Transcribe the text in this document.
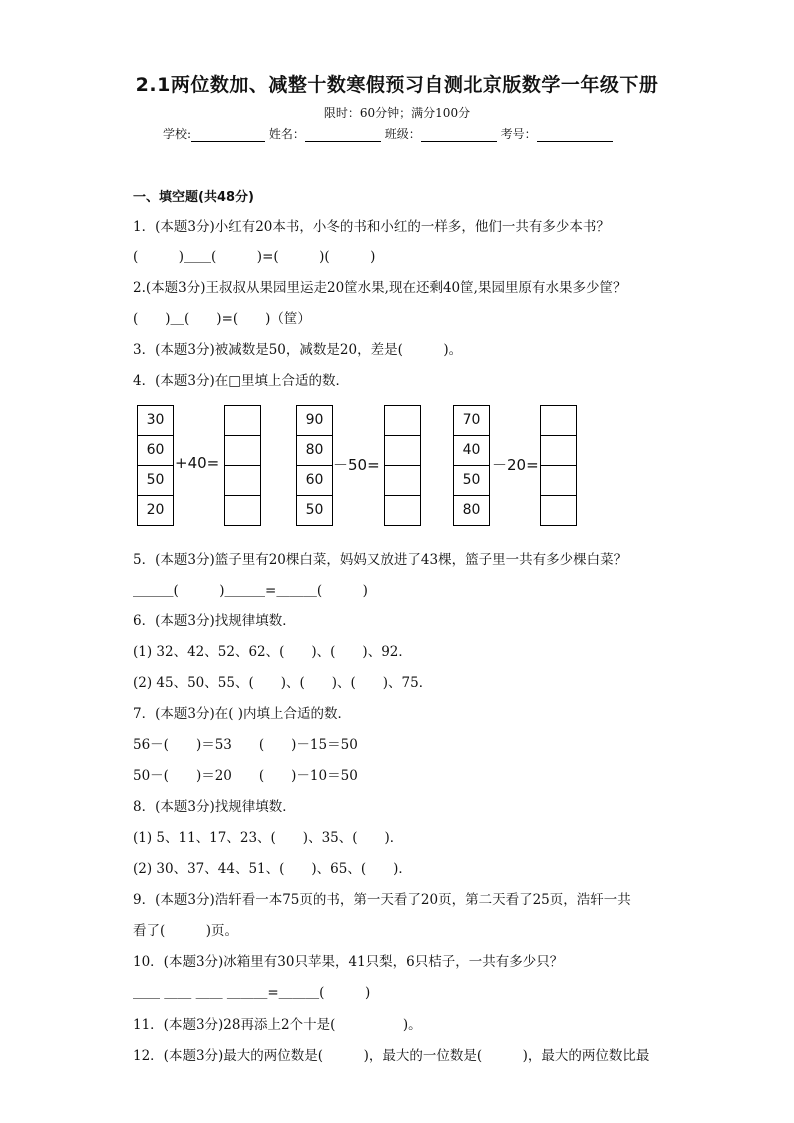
2.1两位数加、减整十数寒假预习自测北京版数学一年级下册
限时：60分钟；满分100分
学校:	姓名：	班级：	考号：
一、填空题(共48分)
1．(本题3分)小红有20本书，小冬的书和小红的一样多，他们一共有多少本书？
(　　　)＿＿(　　　)=(　　　)(　　　)
2.(本题3分)王叔叔从果园里运走20筐水果,现在还剩40筐,果园里原有水果多少筐？
(　　)＿(　　)=(　　)（筐）
3．(本题3分)被减数是50，减数是20，差是(　　　)。
4．(本题3分)在□里填上合适的数．
30
60
50
20
+40=
90
80
60
50
－50=
70
40
50
80
－20=
5．(本题3分)篮子里有20棵白菜，妈妈又放进了43棵，篮子里一共有多少棵白菜？
＿＿＿(　　　)＿＿＿=＿＿＿(　　　)
6．(本题3分)找规律填数．
(1) 32、42、52、62、(　　)、(　　)、92．
(2) 45、50、55、(　　)、(　　)、(　　)、75．
7．(本题3分)在( )内填上合适的数．
56－(　　)＝53　　(　　)－15＝50
50－(　　)＝20　　(　　)－10＝50
8．(本题3分)找规律填数．
(1) 5、11、17、23、(　　)、35、(　　)．
(2) 30、37、44、51、(　　)、65、(　　)．
9．(本题3分)浩轩看一本75页的书，第一天看了20页，第二天看了25页，浩轩一共
看了(　　　)页。
10．(本题3分)冰箱里有30只苹果，41只梨，6只桔子，一共有多少只？
＿＿ ＿＿ ＿＿ ＿＿＿=＿＿＿(　　　)
11．(本题3分)28再添上2个十是(　　　　　)。
12．(本题3分)最大的两位数是(　　　)，最大的一位数是(　　　)，最大的两位数比最
